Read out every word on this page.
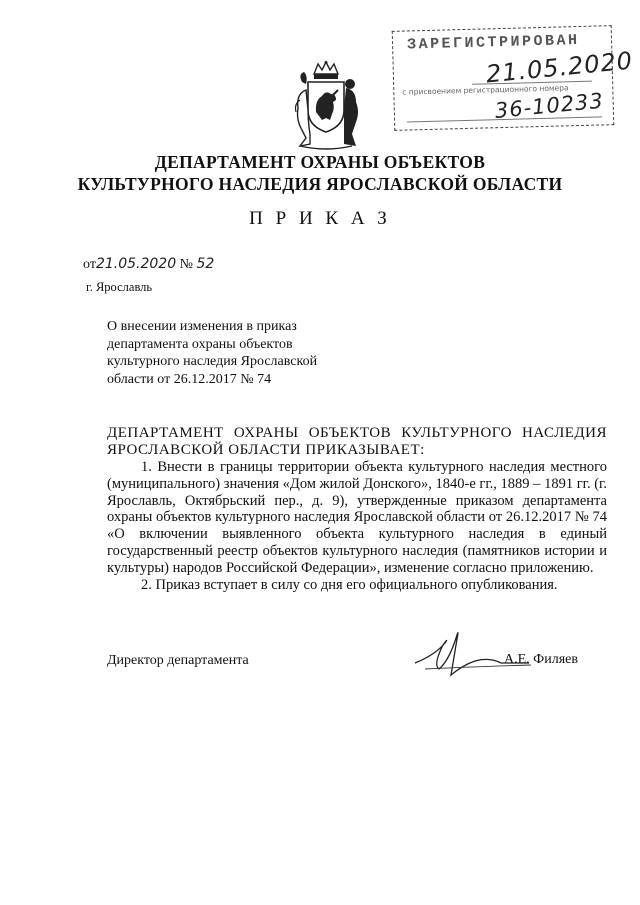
ЗАРЕГИСТРИРОВАН
21.05.2020
с присвоением регистрационного номера
36-10233
ДЕПАРТАМЕНТ ОХРАНЫ ОБЪЕКТОВ
КУЛЬТУРНОГО НАСЛЕДИЯ ЯРОСЛАВСКОЙ ОБЛАСТИ
П Р И К А З
от21.05.2020 № 52
г. Ярославль
О внесении изменения в приказ
департамента охраны объектов
культурного наследия Ярославской
области от 26.12.2017 № 74

ДЕПАРТАМЕНТ ОХРАНЫ ОБЪЕКТОВ КУЛЬТУРНОГО НАСЛЕДИЯ ЯРОСЛАВСКОЙ ОБЛАСТИ ПРИКАЗЫВАЕТ:

1. Внести в границы территории объекта культурного наследия местного (муниципального) значения «Дом жилой Донского», 1840-е гг., 1889 – 1891 гг. (г. Ярославль, Октябрьский пер., д. 9), утвержденные приказом департамента охраны объектов культурного наследия Ярославской области от 26.12.2017 № 74 «О включении выявленного объекта культурного наследия в единый государственный реестр объектов культурного наследия (памятников истории и культуры) народов Российской Федерации», изменение согласно приложению.

2. Приказ вступает в силу со дня его официального опубликования.

Директор департамента	А.Е. Филяев
